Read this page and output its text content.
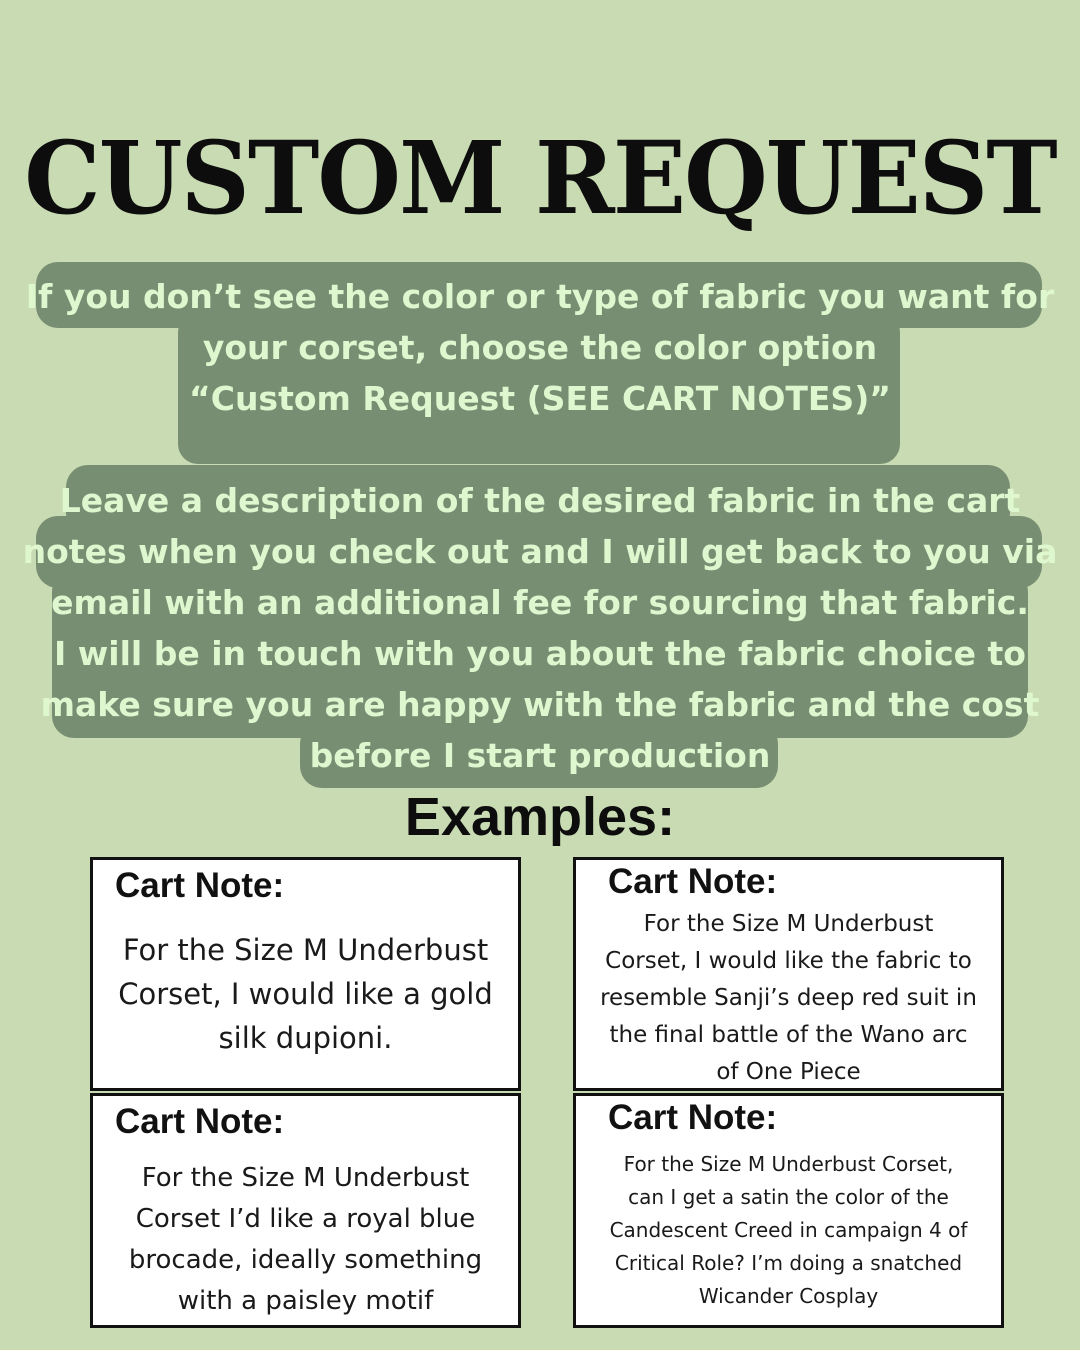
CUSTOM REQUEST

If you don’t see the color or type of fabric you want for
your corset, choose the color option
“Custom Request (SEE CART NOTES)”

Leave a description of the desired fabric in the cart
notes when you check out and I will get back to you via
email with an additional fee for sourcing that fabric.
I will be in touch with you about the fabric choice to
make sure you are happy with the fabric and the cost
before I start production

Examples:

Cart Note:

For the Size M Underbust
Corset, I would like a gold
silk dupioni.

Cart Note:

For the Size M Underbust
Corset, I would like the fabric to
resemble Sanji’s deep red suit in
the final battle of the Wano arc
of One Piece

Cart Note:

For the Size M Underbust
Corset I’d like a royal blue
brocade, ideally something
with a paisley motif

Cart Note:

For the Size M Underbust Corset,
can I get a satin the color of the
Candescent Creed in campaign 4 of
Critical Role? I’m doing a snatched
Wicander Cosplay
